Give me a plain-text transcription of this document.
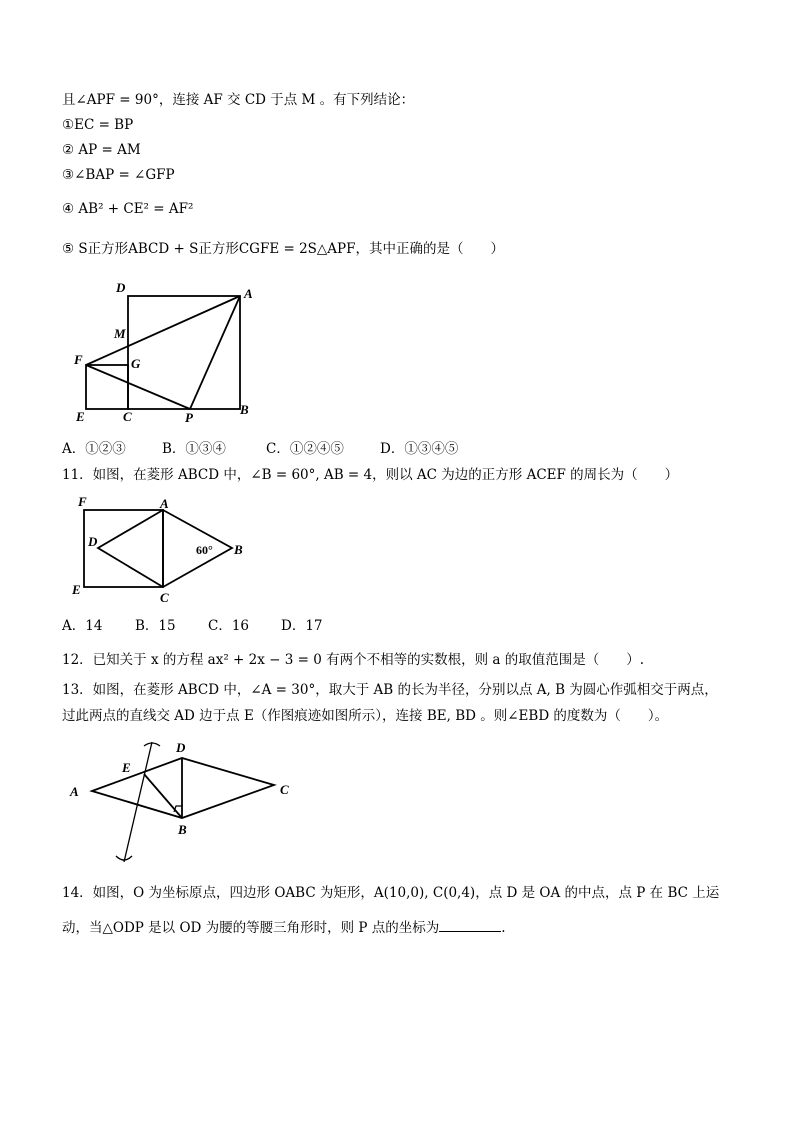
且∠APF = 90°，连接 AF 交 CD 于点 M 。有下列结论：
①EC = BP
② AP = AM
③∠BAP = ∠GFP
④ AB² + CE² = AF²
⑤ S正方形ABCD + S正方形CGFE = 2S△APF，其中正确的是（　　）
D	A
M
F	G
E	C	P
B
A．①②③	B．①③④	C．①②④⑤	D．①③④⑤
11．如图，在菱形 ABCD 中，∠B = 60°, AB = 4，则以 AC 为边的正方形 ACEF 的周长为（　　）
F	A
D
60° B
E
C
A．14 B．15 C．16 D．17
12．已知关于 x 的方程 ax² + 2x − 3 = 0 有两个不相等的实数根，则 a 的取值范围是（　　）.
13．如图，在菱形 ABCD 中，∠A = 30°，取大于 AB 的长为半径，分别以点 A, B 为圆心作弧相交于两点，
过此两点的直线交 AD 边于点 E（作图痕迹如图所示），连接 BE, BD 。则∠EBD 的度数为（　　）。
D
E
A	C
B
14．如图，O 为坐标原点，四边形 OABC 为矩形，A(10,0), C(0,4)，点 D 是 OA 的中点，点 P 在 BC 上运
动，当△ODP 是以 OD 为腰的等腰三角形时，则 P 点的坐标为	.
